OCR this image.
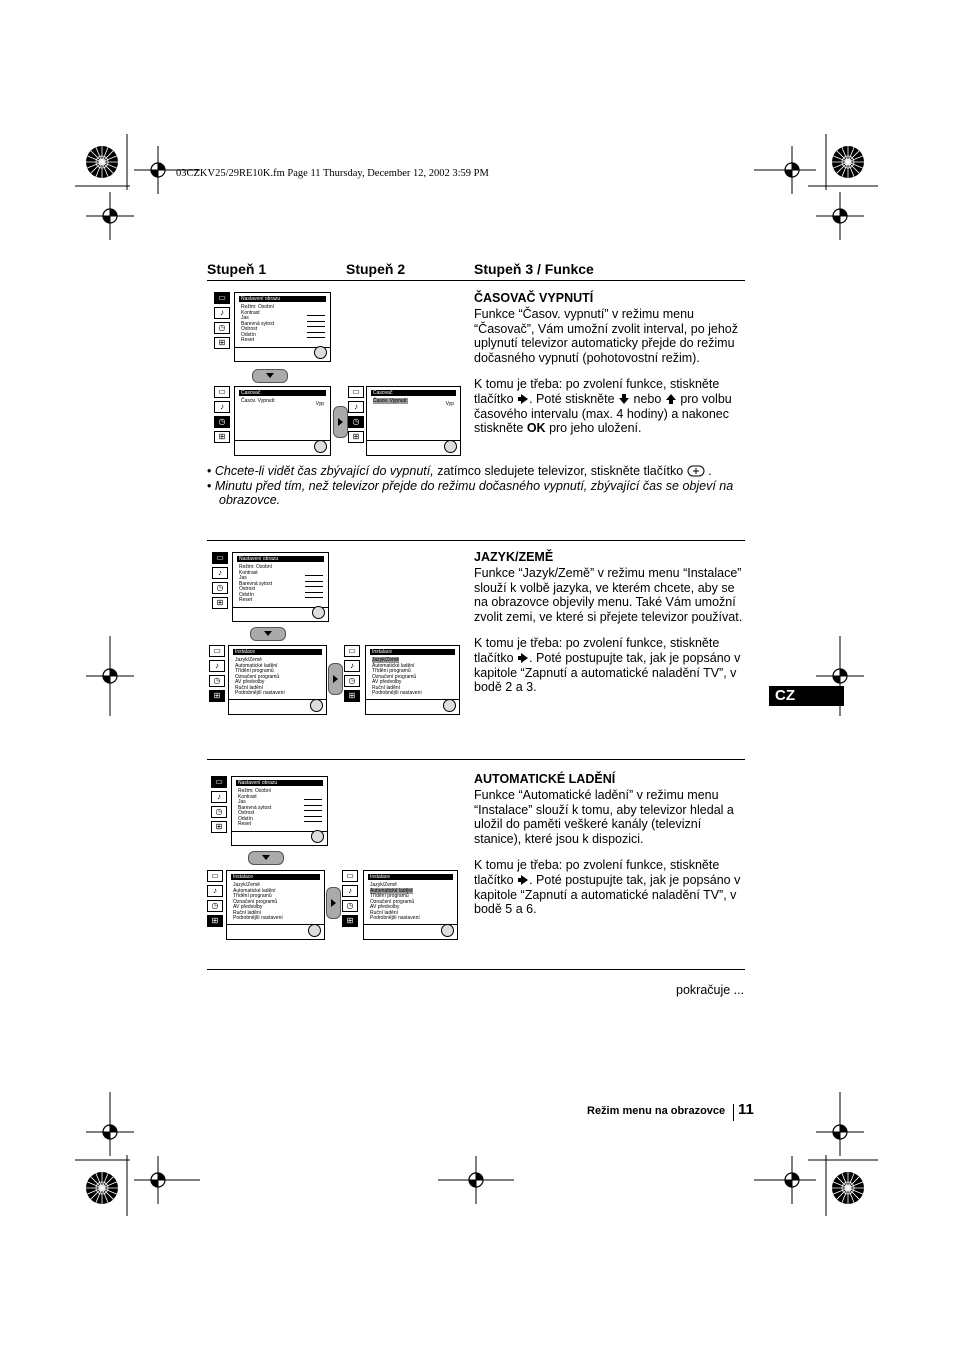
03CZKV25/29RE10K.fm Page 11 Thursday, December 12, 2002 3:59 PM
Stupeň 1	Stupeň 2	Stupeň 3 / Funkce
▭
♪
◷
⊞
Nastavení obrazu
Režim: Osobní
Kontrast
Jas
Barevná sytost
Ostrost
Odstín
Reset
▭
♪
◷
⊞
Časovač
Časov. Vypnutí:	Vyp
▭
♪
◷
⊞
Časovač
Časov. Vypnutí:	Vyp
ČASOVAČ VYPNUTÍ

Funkce “Časov. vypnutí” v režimu menu “Časovač”, Vám umožní zvolit interval, po jehož uplynutí televizor automaticky přejde do režimu dočasného vypnutí (pohotovostní režim).

K tomu je třeba: po zvolení funkce, stiskněte tlačítko . Poté stiskněte nebo pro volbu časového intervalu (max. 4 hodiny) a nakonec stiskněte OK pro jeho uložení.

• Chcete-li vidět čas zbývající do vypnutí, zatímco sledujete televizor, stiskněte tlačítko  .
• Minutu před tím, než televizor přejde do režimu dočasného vypnutí, zbývající čas se objeví na obrazovce.
▭
♪
◷
⊞
Nastavení obrazu
Režim: Osobní
Kontrast
Jas
Barevná sytost
Ostrost
Odstín
Reset
▭
♪
◷
⊞
Instalace
Jazyk/Země
Automatické ladění
Třídění programů
Označení programů
AV předvolby
Ruční ladění
Podrobnější nastavení
▭
♪
◷
⊞
Instalace
Jazyk/Země
Automatické ladění
Třídění programů
Označení programů
AV předvolby
Ruční ladění
Podrobnější nastavení
JAZYK/ZEMĚ

Funkce “Jazyk/Země” v režimu menu “Instalace” slouží k volbě jazyka, ve kterém chcete, aby se na obrazovce objevily menu. Také Vám umožní zvolit zemi, ve které si přejete televizor používat.

K tomu je třeba: po zvolení funkce, stiskněte tlačítko . Poté postupujte tak, jak je popsáno v kapitole “Zapnutí a automatické naladění TV”, v bodě 2 a 3.	CZ
▭
♪
◷
⊞
Nastavení obrazu
Režim: Osobní
Kontrast
Jas
Barevná sytost
Ostrost
Odstín
Reset
▭
♪
◷
⊞
Instalace
Jazyk/Země
Automatické ladění
Třídění programů
Označení programů
AV předvolby
Ruční ladění
Podrobnější nastavení
▭
♪
◷
⊞
Instalace
Jazyk/Země
Automatické ladění
Třídění programů
Označení programů
AV předvolby
Ruční ladění
Podrobnější nastavení
AUTOMATICKÉ LADĚNÍ

Funkce “Automatické ladění” v režimu menu “Instalace” slouží k tomu, aby televizor hledal a uložil do paměti veškeré kanály (televizní stanice), které jsou k dispozici.

K tomu je třeba: po zvolení funkce, stiskněte tlačítko . Poté postupujte tak, jak je popsáno v kapitole “Zapnutí a automatické naladění TV”, v bodě 5 a 6.

pokračuje ...
Režim menu na obrazovce 11
